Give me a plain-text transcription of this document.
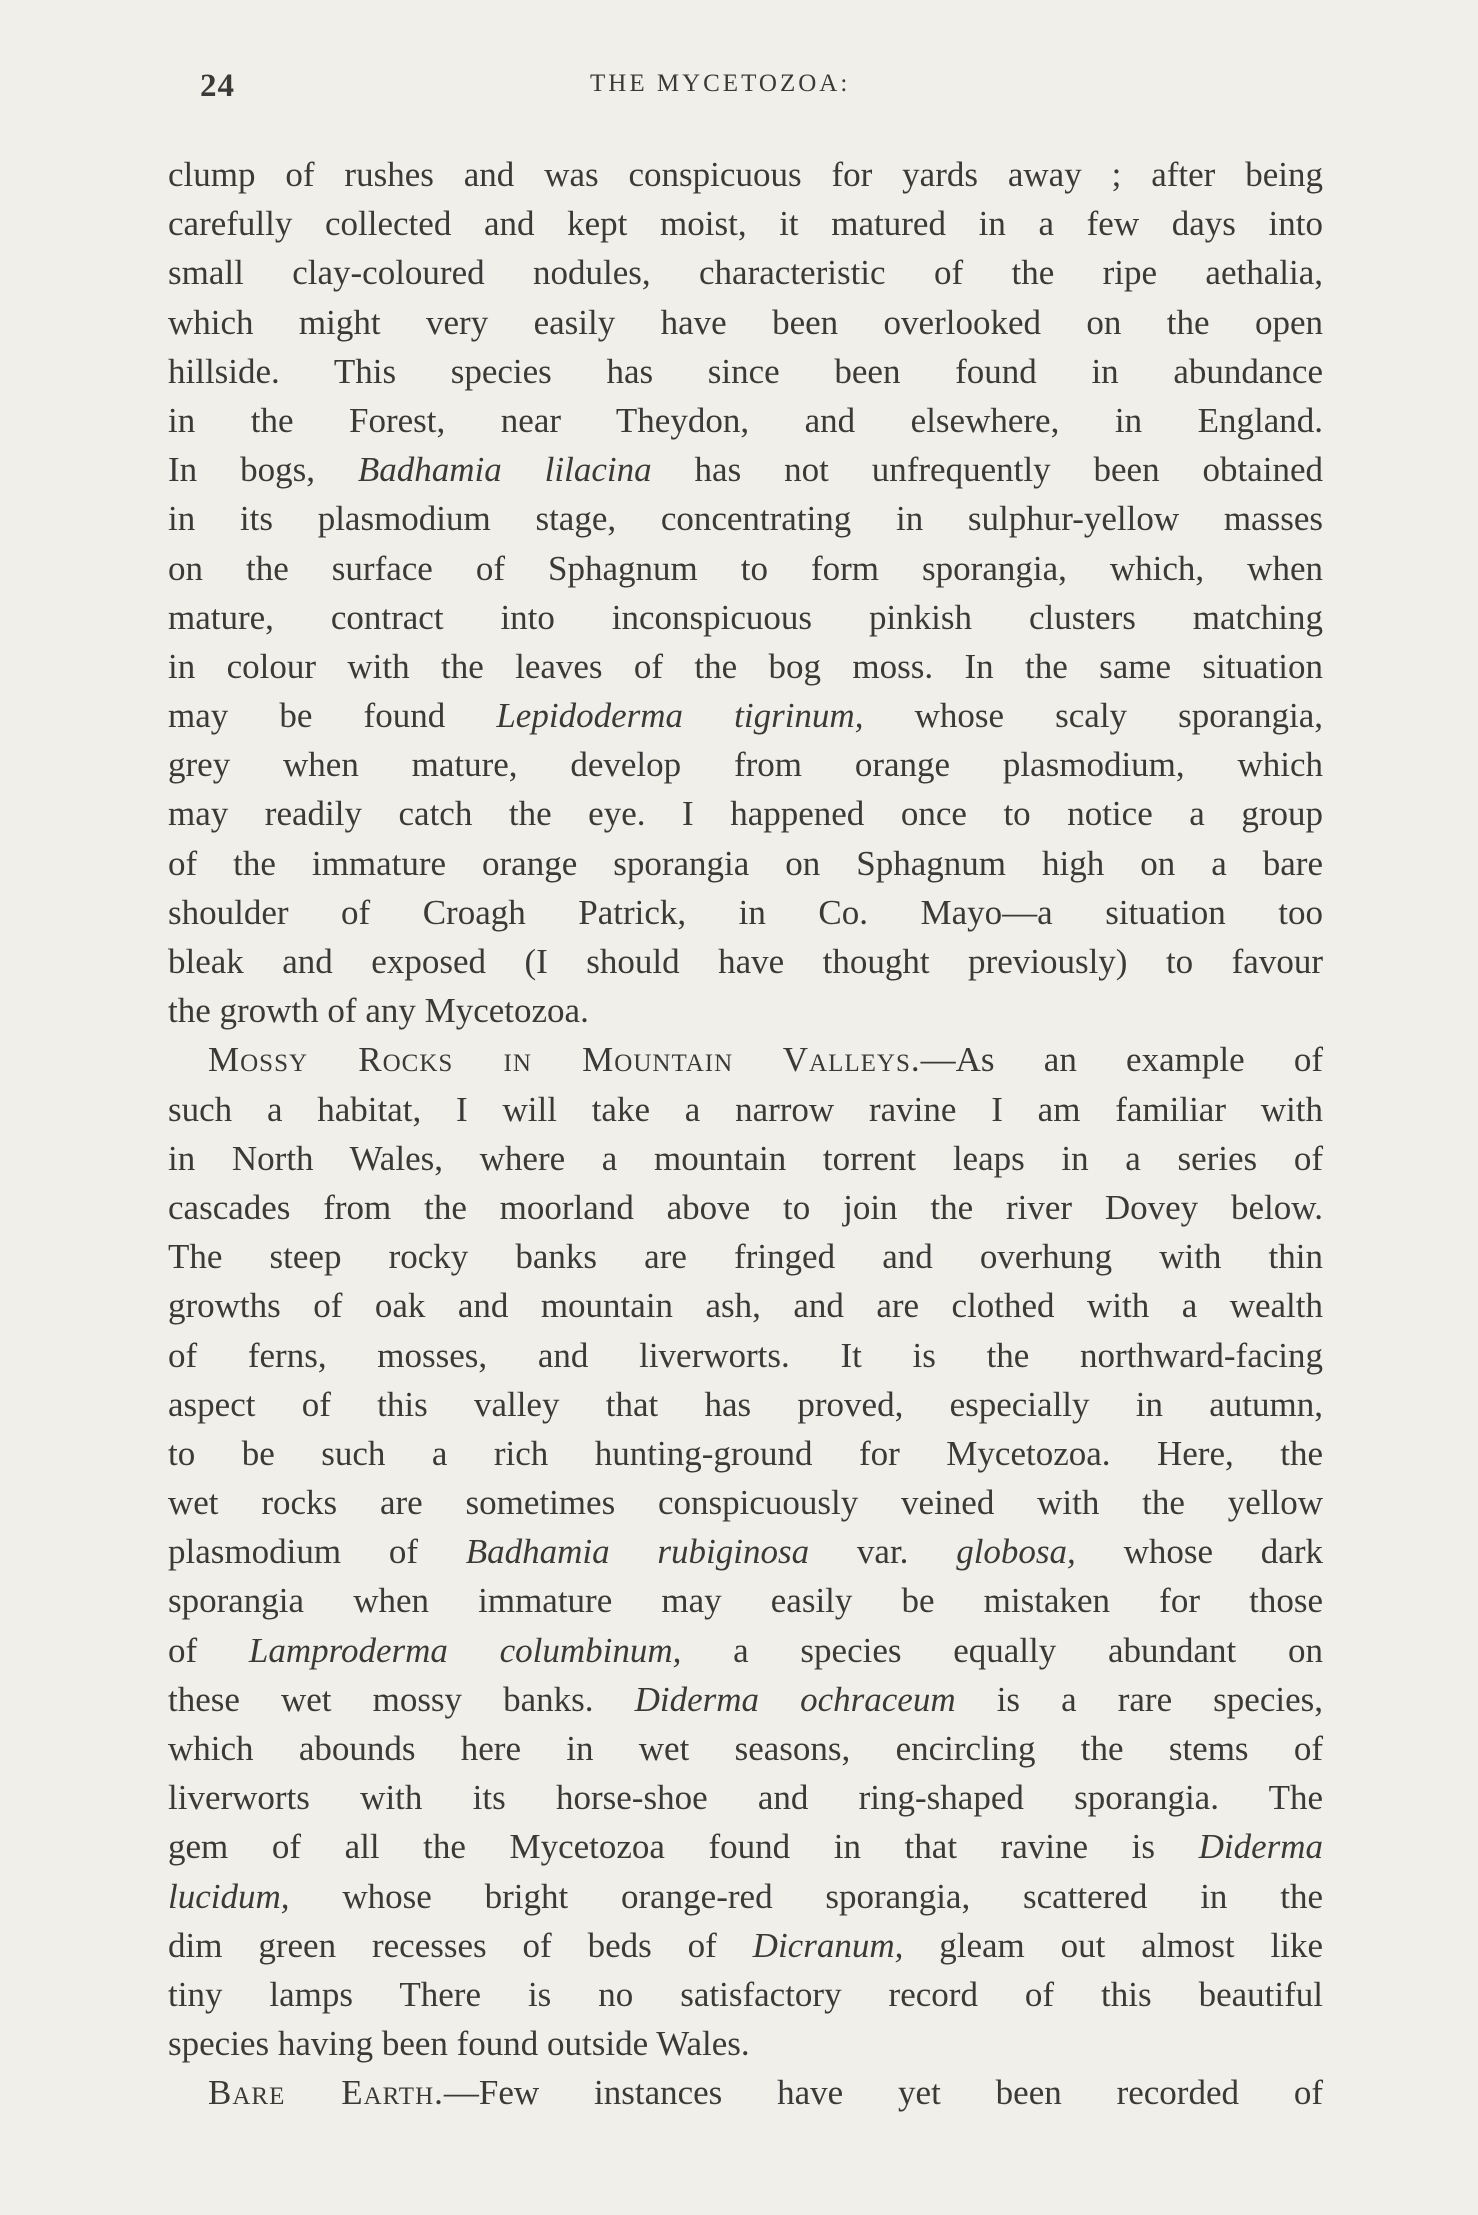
24	THE MYCETOZOA:
clump of rushes and was conspicuous for yards away ; after being
carefully collected and kept moist, it matured in a few days into
small clay-coloured nodules, characteristic of the ripe aethalia,
which might very easily have been overlooked on the open
hillside. This species has since been found in abundance
in the Forest, near Theydon, and elsewhere, in England.
In bogs, Badhamia lilacina has not unfrequently been obtained
in its plasmodium stage, concentrating in sulphur-yellow masses
on the surface of Sphagnum to form sporangia, which, when
mature, contract into inconspicuous pinkish clusters matching
in colour with the leaves of the bog moss. In the same situation
may be found Lepidoderma tigrinum, whose scaly sporangia,
grey when mature, develop from orange plasmodium, which
may readily catch the eye. I happened once to notice a group
of the immature orange sporangia on Sphagnum high on a bare
shoulder of Croagh Patrick, in Co. Mayo—a situation too
bleak and exposed (I should have thought previously) to favour
the growth of any Mycetozoa.
Mossy Rocks in Mountain Valleys.—As an example of
such a habitat, I will take a narrow ravine I am familiar with
in North Wales, where a mountain torrent leaps in a series of
cascades from the moorland above to join the river Dovey below.
The steep rocky banks are fringed and overhung with thin
growths of oak and mountain ash, and are clothed with a wealth
of ferns, mosses, and liverworts. It is the northward-facing
aspect of this valley that has proved, especially in autumn,
to be such a rich hunting-ground for Mycetozoa. Here, the
wet rocks are sometimes conspicuously veined with the yellow
plasmodium of Badhamia rubiginosa var. globosa, whose dark
sporangia when immature may easily be mistaken for those
of Lamproderma columbinum, a species equally abundant on
these wet mossy banks. Diderma ochraceum is a rare species,
which abounds here in wet seasons, encircling the stems of
liverworts with its horse-shoe and ring-shaped sporangia. The
gem of all the Mycetozoa found in that ravine is Diderma
lucidum, whose bright orange-red sporangia, scattered in the
dim green recesses of beds of Dicranum, gleam out almost like
tiny lamps There is no satisfactory record of this beautiful
species having been found outside Wales.
Bare Earth.—Few instances have yet been recorded of
